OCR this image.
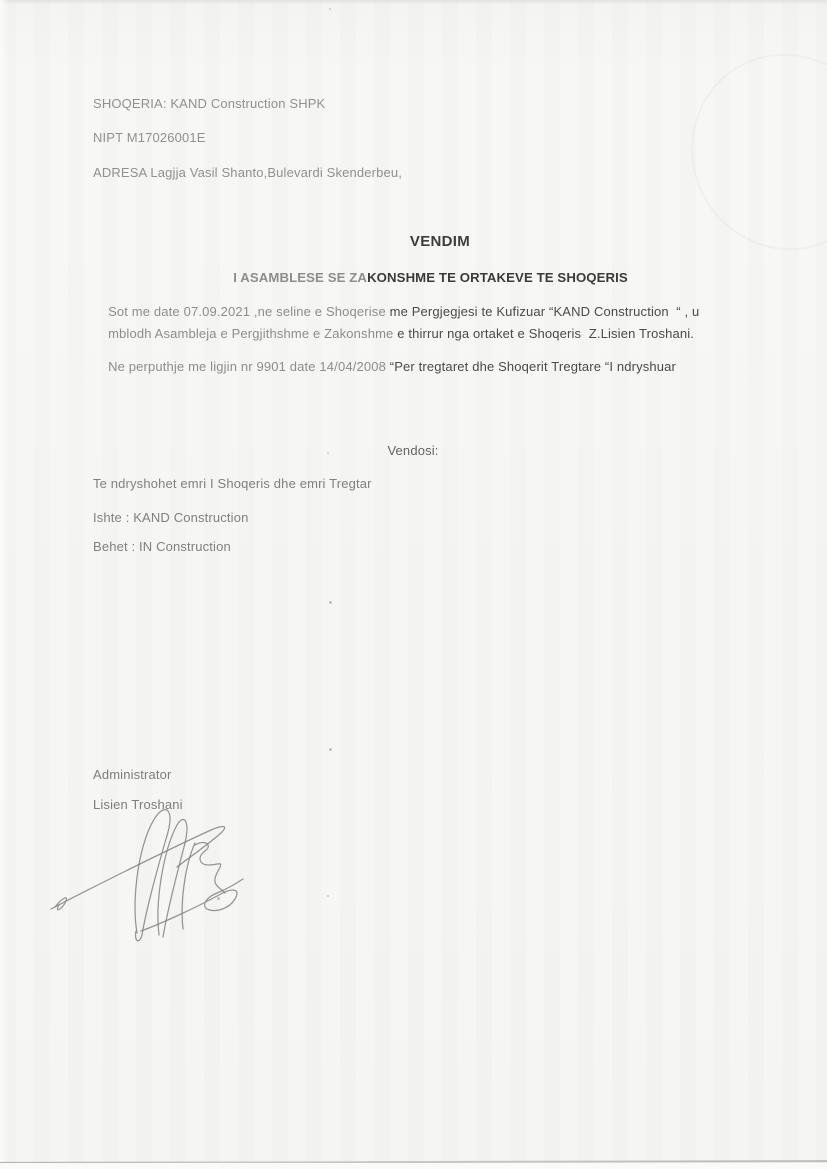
SHOQERIA: KAND Construction SHPK
NIPT M17026001E
ADRESA Lagjja Vasil Shanto,Bulevardi Skenderbeu,
VENDIM

I ASAMBLESE SE ZAKONSHME TE ORTAKEVE TE SHOQERIS

Sot me date 07.09.2021 ,ne seline e Shoqerise me Pergjegjesi te Kufizuar “KAND Construction  “ , u

mblodh Asambleja e Pergjithshme e Zakonshme e thirrur nga ortaket e Shoqeris  Z.Lisien Troshani.

Ne perputhje me ligjin nr 9901 date 14/04/2008 “Per tregtaret dhe Shoqerit Tregtare “I ndryshuar

Vendosi:
Te ndryshohet emri I Shoqeris dhe emri Tregtar
Ishte : KAND Construction
Behet : IN Construction
Administrator
Lisien Troshani
